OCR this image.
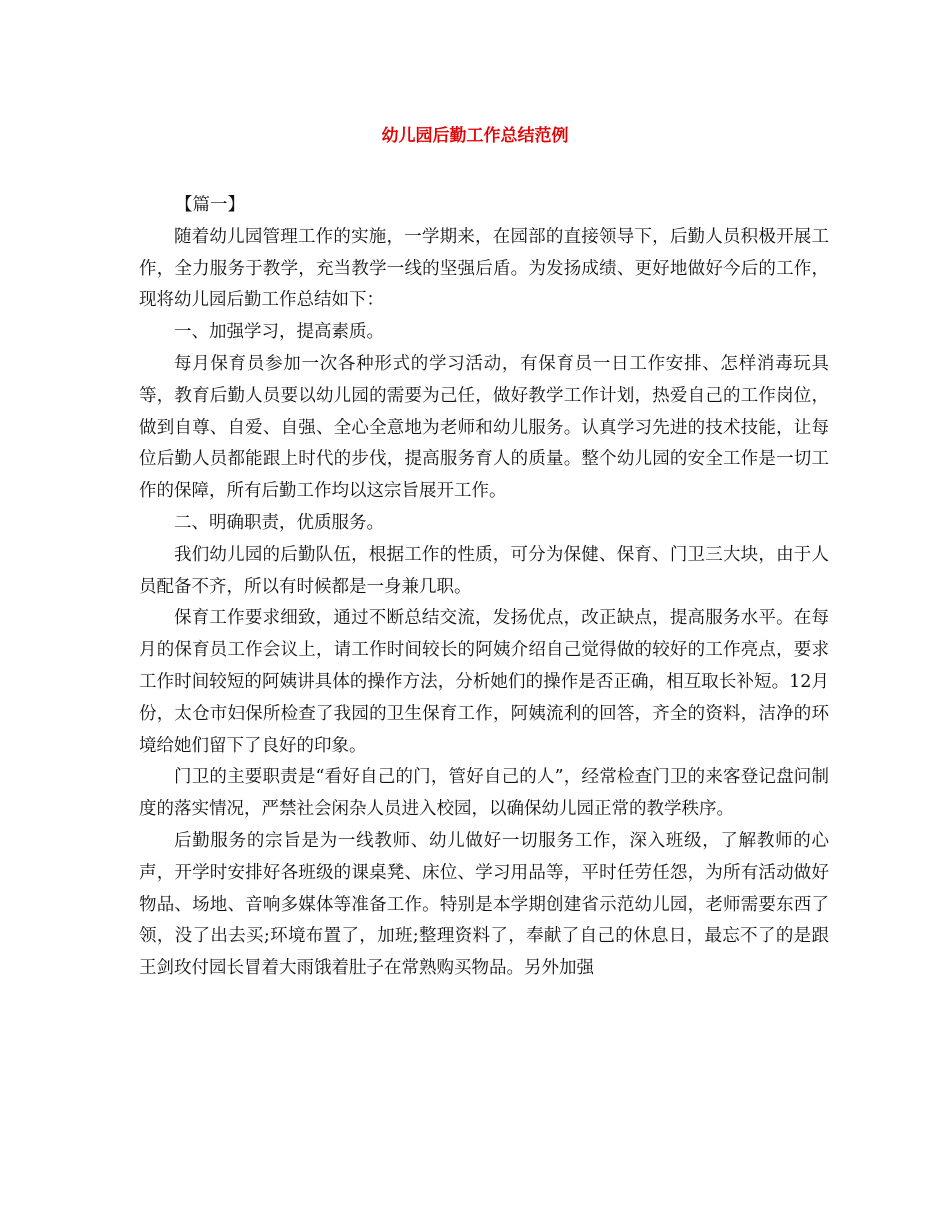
幼儿园后勤工作总结范例

【篇一】

随着幼儿园管理工作的实施，一学期来，在园部的直接领导下，后勤人员积极开展工作，全力服务于教学，充当教学一线的坚强后盾。为发扬成绩、更好地做好今后的工作，现将幼儿园后勤工作总结如下：

一、加强学习，提高素质。

每月保育员参加一次各种形式的学习活动，有保育员一日工作安排、怎样消毒玩具等，教育后勤人员要以幼儿园的需要为己任，做好教学工作计划，热爱自己的工作岗位，做到自尊、自爱、自强、全心全意地为老师和幼儿服务。认真学习先进的技术技能，让每位后勤人员都能跟上时代的步伐，提高服务育人的质量。整个幼儿园的安全工作是一切工作的保障，所有后勤工作均以这宗旨展开工作。

二、明确职责，优质服务。

我们幼儿园的后勤队伍，根据工作的性质，可分为保健、保育、门卫三大块，由于人员配备不齐，所以有时候都是一身兼几职。

保育工作要求细致，通过不断总结交流，发扬优点，改正缺点，提高服务水平。在每月的保育员工作会议上，请工作时间较长的阿姨介绍自己觉得做的较好的工作亮点，要求工作时间较短的阿姨讲具体的操作方法，分析她们的操作是否正确，相互取长补短。12月份，太仓市妇保所检查了我园的卫生保育工作，阿姨流利的回答，齐全的资料，洁净的环境给她们留下了良好的印象。

门卫的主要职责是“看好自己的门，管好自己的人”，经常检查门卫的来客登记盘问制度的落实情况，严禁社会闲杂人员进入校园，以确保幼儿园正常的教学秩序。

后勤服务的宗旨是为一线教师、幼儿做好一切服务工作，深入班级，了解教师的心声，开学时安排好各班级的课桌凳、床位、学习用品等，平时任劳任怨，为所有活动做好物品、场地、音响多媒体等准备工作。特别是本学期创建省示范幼儿园，老师需要东西了领，没了出去买;环境布置了，加班;整理资料了，奉献了自己的休息日，最忘不了的是跟王剑玫付园长冒着大雨饿着肚子在常熟购买物品。另外加强
